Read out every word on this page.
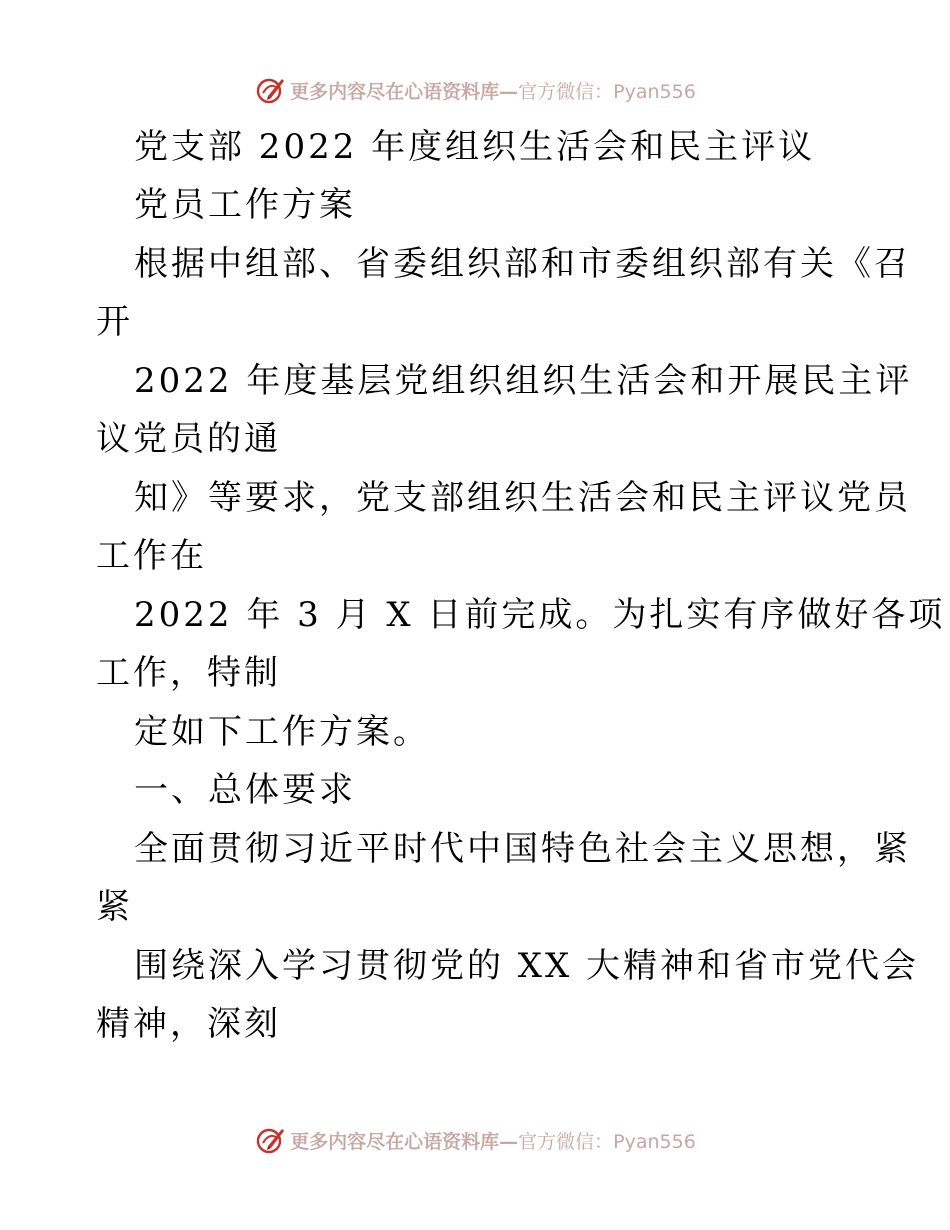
更多内容尽在心语资料库— 官方微信：Pyan556
党支部 2022 年度组织生活会和民主评议
党员工作方案
根据中组部、省委组织部和市委组织部有关《召
开
2022 年度基层党组织组织生活会和开展民主评
议党员的通
知》等要求，党支部组织生活会和民主评议党员
工作在
2022 年 3 月 X 日前完成。为扎实有序做好各项
工作，特制
定如下工作方案。
一、总体要求
全面贯彻习近平时代中国特色社会主义思想，紧
紧
围绕深入学习贯彻党的 XX 大精神和省市党代会
精神，深刻
更多内容尽在心语资料库— 官方微信：Pyan556
